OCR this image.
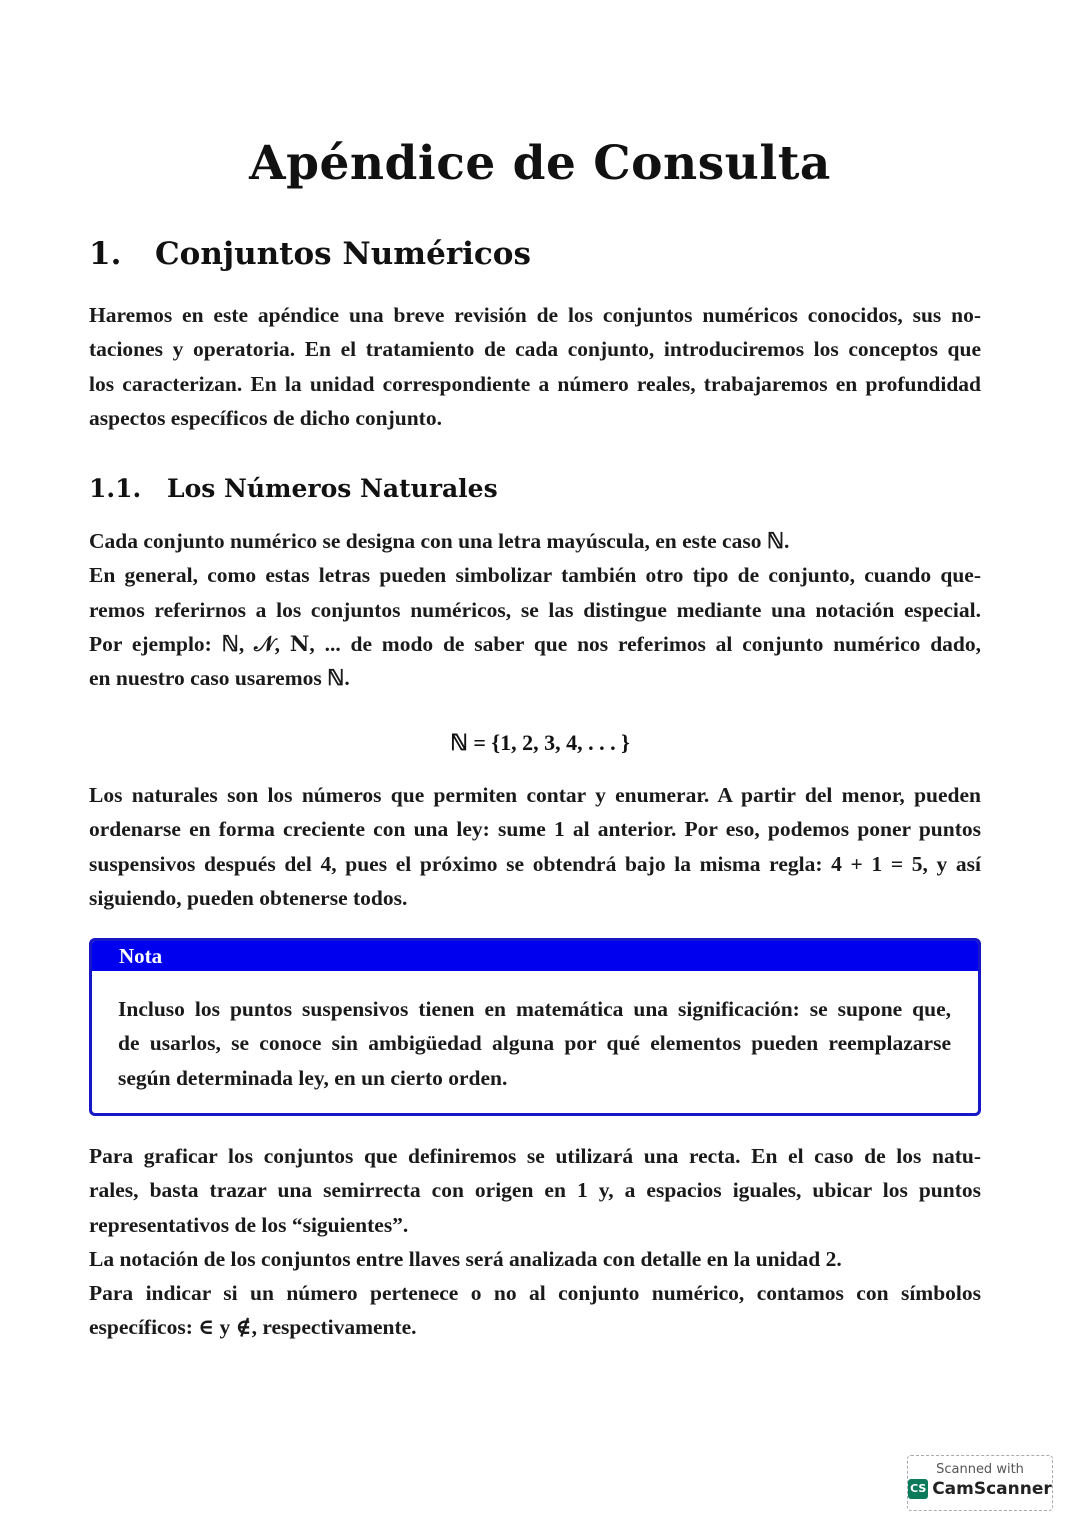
Apéndice de Consulta
1. Conjuntos Numéricos
Haremos en este apéndice una breve revisión de los conjuntos numéricos conocidos, sus no-
taciones y operatoria. En el tratamiento de cada conjunto, introduciremos los conceptos que
los caracterizan. En la unidad correspondiente a número reales, trabajaremos en profundidad
aspectos específicos de dicho conjunto.
1.1. Los Números Naturales
Cada conjunto numérico se designa con una letra mayúscula, en este caso ℕ.
En general, como estas letras pueden simbolizar también otro tipo de conjunto, cuando que-
remos referirnos a los conjuntos numéricos, se las distingue mediante una notación especial.
Por ejemplo: ℕ, 𝒩, 𝐍, ... de modo de saber que nos referimos al conjunto numérico dado,
en nuestro caso usaremos ℕ.
ℕ = {1, 2, 3, 4, . . . }
Los naturales son los números que permiten contar y enumerar. A partir del menor, pueden
ordenarse en forma creciente con una ley: sume 1 al anterior. Por eso, podemos poner puntos
suspensivos después del 4, pues el próximo se obtendrá bajo la misma regla: 4 + 1 = 5, y así
siguiendo, pueden obtenerse todos.
Nota
Incluso los puntos suspensivos tienen en matemática una significación: se supone que,
de usarlos, se conoce sin ambigüedad alguna por qué elementos pueden reemplazarse
según determinada ley, en un cierto orden.
Para graficar los conjuntos que definiremos se utilizará una recta. En el caso de los natu-
rales, basta trazar una semirrecta con origen en 1 y, a espacios iguales, ubicar los puntos
representativos de los “siguientes”.
La notación de los conjuntos entre llaves será analizada con detalle en la unidad 2.
Para indicar si un número pertenece o no al conjunto numérico, contamos con símbolos
específicos: ∈ y ∉, respectivamente.
Scanned with
CS CamScanner
